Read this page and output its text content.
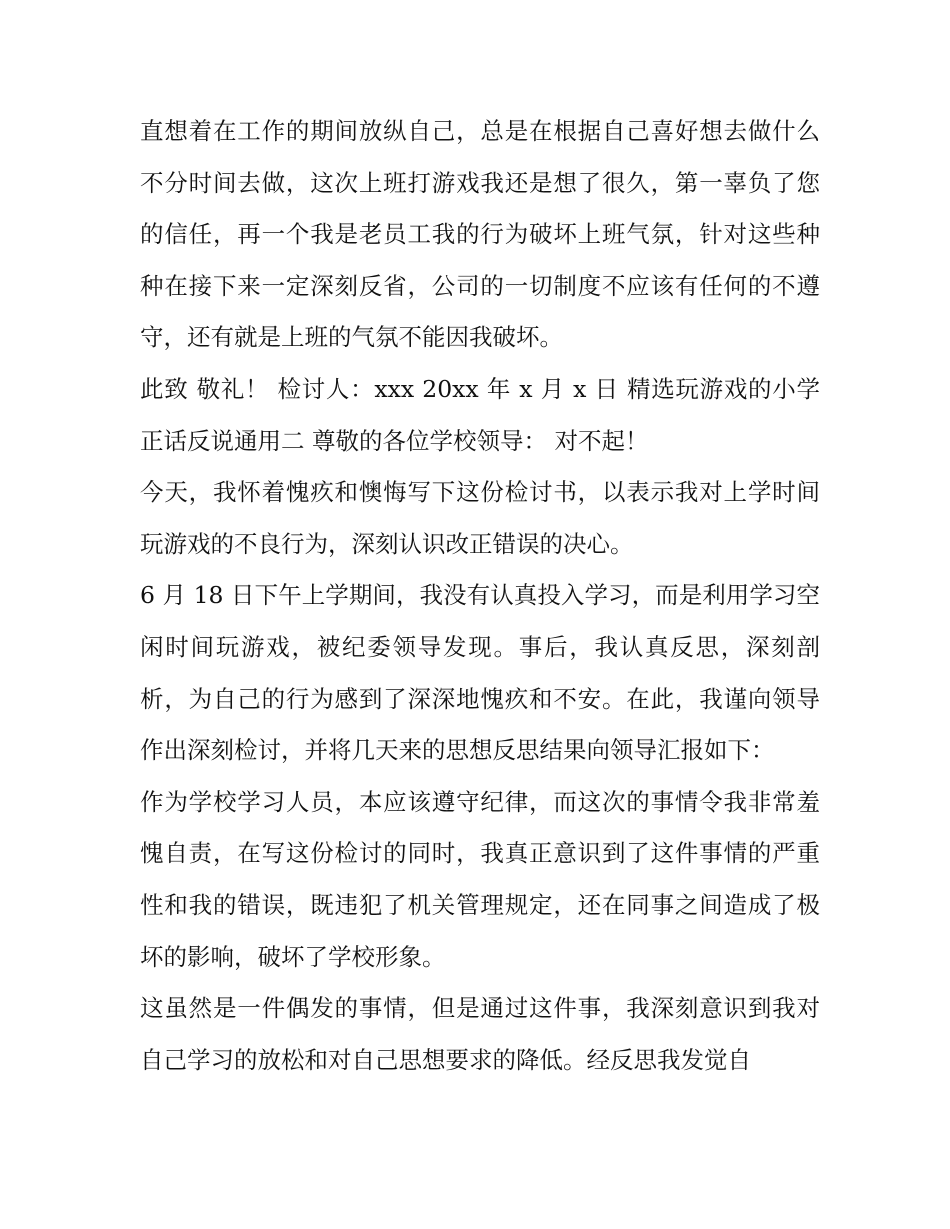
直想着在工作的期间放纵自己，总是在根据自己喜好想去做什么不分时间去做，这次上班打游戏我还是想了很久，第一辜负了您的信任，再一个我是老员工我的行为破坏上班气氛，针对这些种种在接下来一定深刻反省，公司的一切制度不应该有任何的不遵守，还有就是上班的气氛不能因我破坏。

此致 敬礼！ 检讨人：xxx 20xx 年 x 月 x 日 精选玩游戏的小学正话反说通用二 尊敬的各位学校领导： 对不起！

今天，我怀着愧疚和懊悔写下这份检讨书，以表示我对上学时间玩游戏的不良行为，深刻认识改正错误的决心。

6 月 18 日下午上学期间，我没有认真投入学习，而是利用学习空闲时间玩游戏，被纪委领导发现。事后，我认真反思，深刻剖析，为自己的行为感到了深深地愧疚和不安。在此，我谨向领导作出深刻检讨，并将几天来的思想反思结果向领导汇报如下：

作为学校学习人员，本应该遵守纪律，而这次的事情令我非常羞愧自责，在写这份检讨的同时，我真正意识到了这件事情的严重性和我的错误，既违犯了机关管理规定，还在同事之间造成了极坏的影响，破坏了学校形象。

这虽然是一件偶发的事情，但是通过这件事，我深刻意识到我对自己学习的放松和对自己思想要求的降低。经反思我发觉自
